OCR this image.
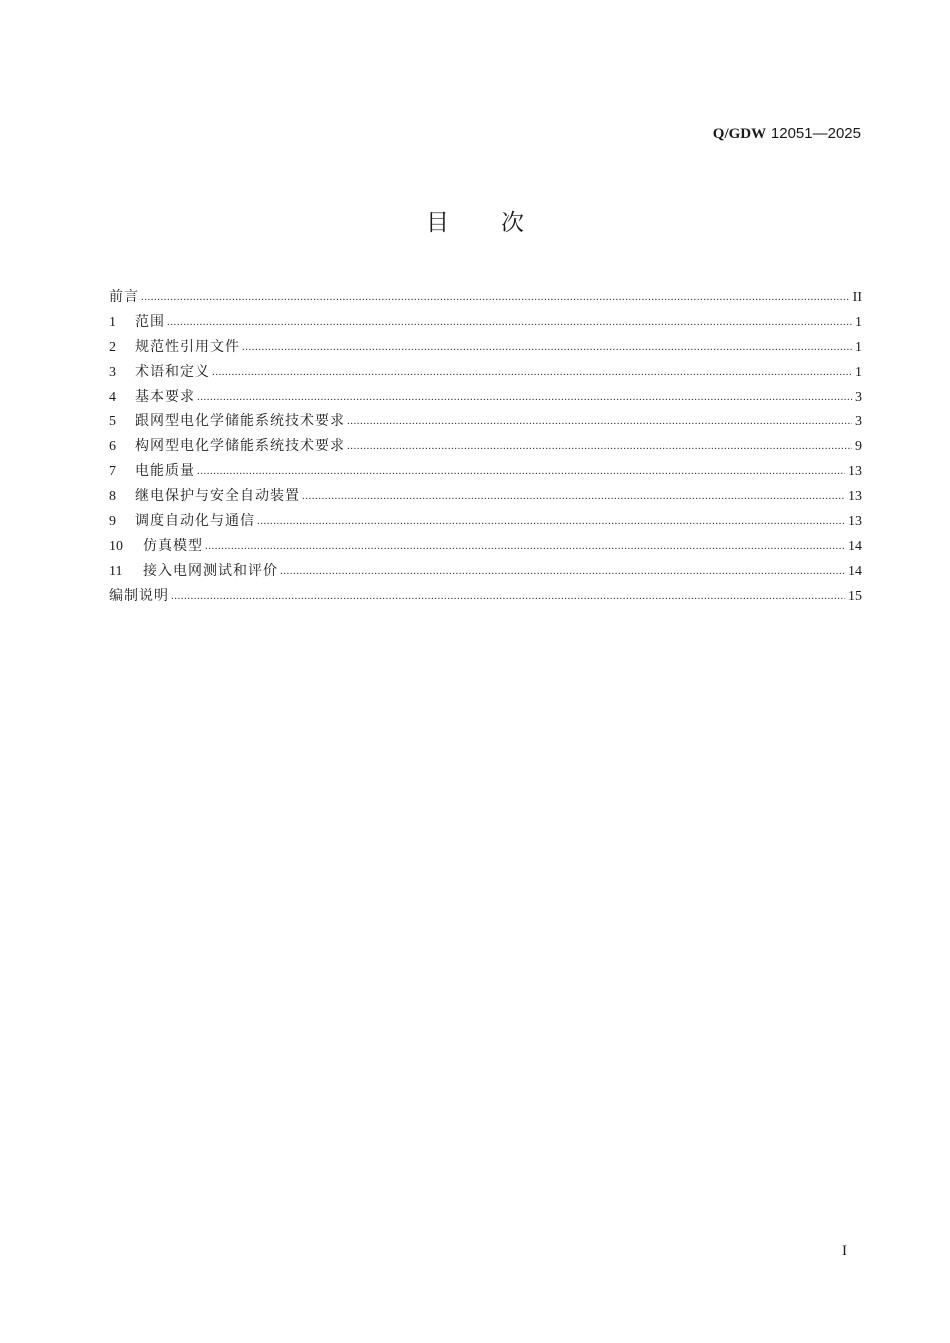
Q/GDW 12051—2025
目 次
前言 .....	II
1	范围 .....	1
2	规范性引用文件 .....	1
3	术语和定义 .....	1
4	基本要求 .....	3
5	跟网型电化学储能系统技术要求 .....	3
6	构网型电化学储能系统技术要求 .....	9
7	电能质量 .....	13
8	继电保护与安全自动装置 .....	13
9	调度自动化与通信 .....	13
10	仿真模型 .....	14
11	接入电网测试和评价 .....	14
编制说明 .....	15
I
